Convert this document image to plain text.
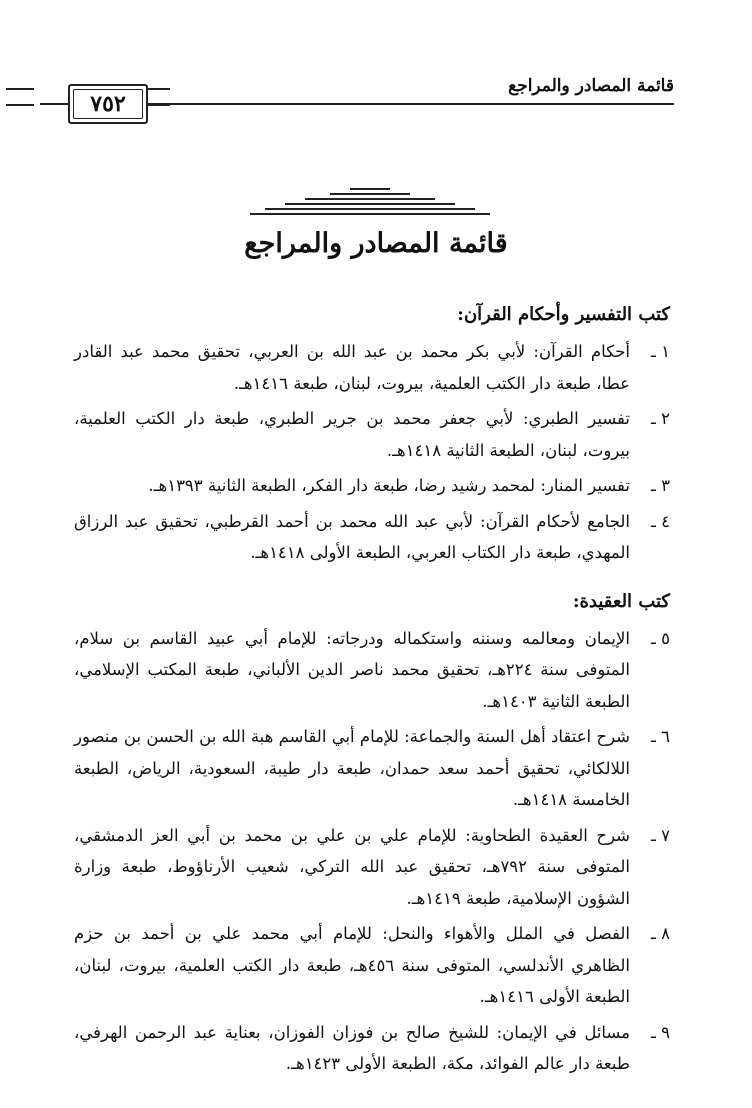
٧٥٢
قائمة المصادر والمراجع
قائمة المصادر والمراجع
كتب التفسير وأحكام القرآن:
١ ـ
أحكام القرآن: لأبي بكر محمد بن عبد الله بن العربي، تحقيق محمد عبد القادر عطا، طبعة دار الكتب العلمية، بيروت، لبنان، طبعة ١٤١٦هـ.
٢ ـ
تفسير الطبري: لأبي جعفر محمد بن جرير الطبري، طبعة دار الكتب العلمية، بيروت، لبنان، الطبعة الثانية ١٤١٨هـ.
٣ ـ
تفسير المنار: لمحمد رشيد رضا، طبعة دار الفكر، الطبعة الثانية ١٣٩٣هـ.
٤ ـ
الجامع لأحكام القرآن: لأبي عبد الله محمد بن أحمد القرطبي، تحقيق عبد الرزاق المهدي، طبعة دار الكتاب العربي، الطبعة الأولى ١٤١٨هـ.
كتب العقيدة:
٥ ـ
الإيمان ومعالمه وسننه واستكماله ودرجاته: للإمام أبي عبيد القاسم بن سلام، المتوفى سنة ٢٢٤هـ، تحقيق محمد ناصر الدين الألباني، طبعة المكتب الإسلامي، الطبعة الثانية ١٤٠٣هـ.
٦ ـ
شرح اعتقاد أهل السنة والجماعة: للإمام أبي القاسم هبة الله بن الحسن بن منصور اللالكائي، تحقيق أحمد سعد حمدان، طبعة دار طيبة، السعودية، الرياض، الطبعة الخامسة ١٤١٨هـ.
٧ ـ
شرح العقيدة الطحاوية: للإمام علي بن علي بن محمد بن أبي العز الدمشقي، المتوفى سنة ٧٩٢هـ، تحقيق عبد الله التركي، شعيب الأرناؤوط، طبعة وزارة الشؤون الإسلامية، طبعة ١٤١٩هـ.
٨ ـ
الفصل في الملل والأهواء والنحل: للإمام أبي محمد علي بن أحمد بن حزم الظاهري الأندلسي، المتوفى سنة ٤٥٦هـ، طبعة دار الكتب العلمية، بيروت، لبنان، الطبعة الأولى ١٤١٦هـ.
٩ ـ
مسائل في الإيمان: للشيخ صالح بن فوزان الفوزان، بعناية عبد الرحمن الهرفي، طبعة دار عالم الفوائد، مكة، الطبعة الأولى ١٤٢٣هـ.
